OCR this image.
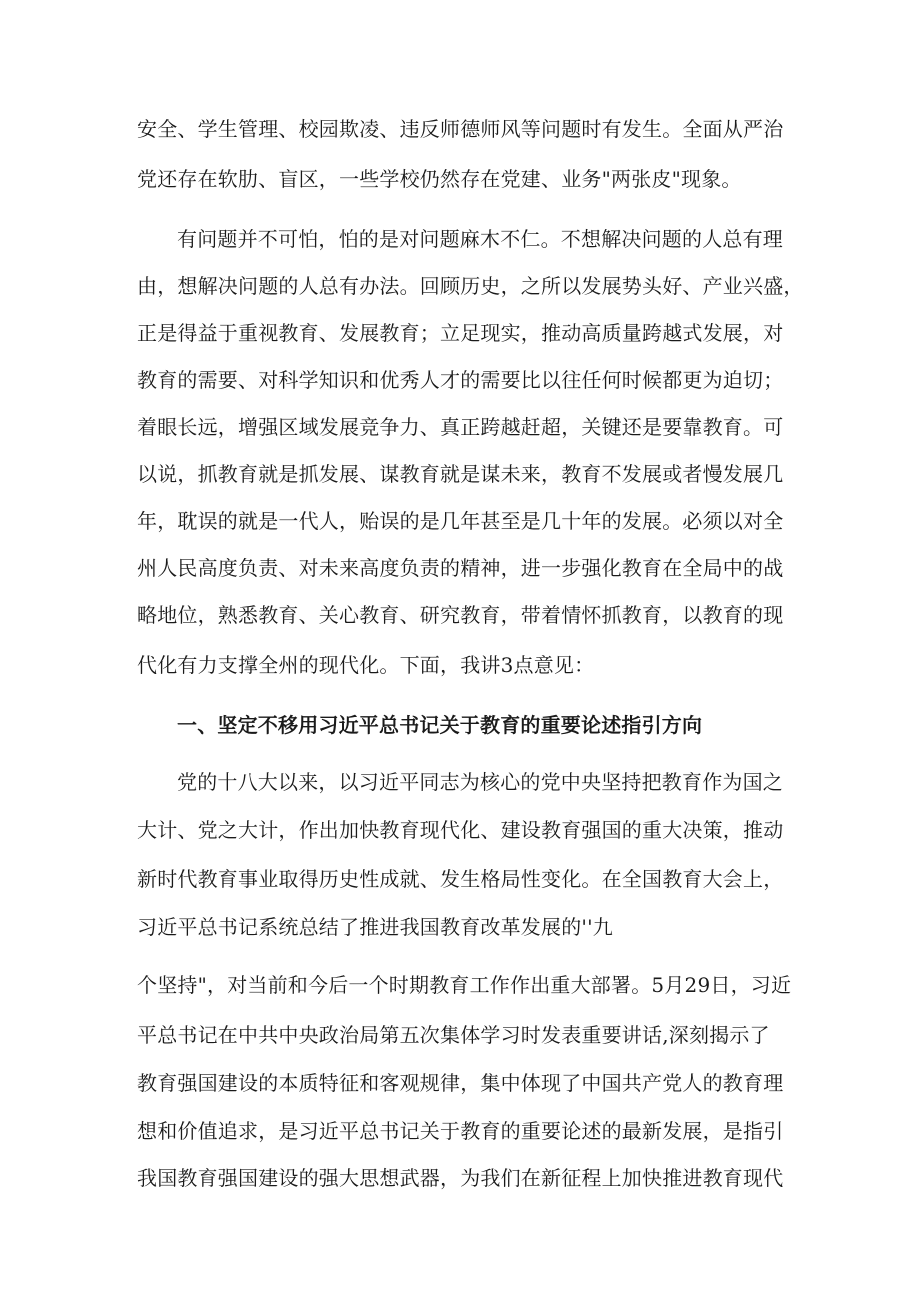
安全、学生管理、校园欺凌、违反师德师风等问题时有发生。全面从严治
党还存在软肋、盲区，一些学校仍然存在党建、业务"两张皮"现象。
有问题并不可怕，怕的是对问题麻木不仁。不想解决问题的人总有理
由，想解决问题的人总有办法。回顾历史，之所以发展势头好、产业兴盛，
正是得益于重视教育、发展教育；立足现实，推动高质量跨越式发展，对
教育的需要、对科学知识和优秀人才的需要比以往任何时候都更为迫切；
着眼长远，增强区域发展竞争力、真正跨越赶超，关键还是要靠教育。可
以说，抓教育就是抓发展、谋教育就是谋未来，教育不发展或者慢发展几
年，耽误的就是一代人，贻误的是几年甚至是几十年的发展。必须以对全
州人民高度负责、对未来高度负责的精神，进一步强化教育在全局中的战
略地位，熟悉教育、关心教育、研究教育，带着情怀抓教育，以教育的现
代化有力支撑全州的现代化。下面，我讲3点意见：
一、坚定不移用习近平总书记关于教育的重要论述指引方向
党的十八大以来，以习近平同志为核心的党中央坚持把教育作为国之
大计、党之大计，作出加快教育现代化、建设教育强国的重大决策，推动
新时代教育事业取得历史性成就、发生格局性变化。在全国教育大会上，
习近平总书记系统总结了推进我国教育改革发展的''九
个坚持"，对当前和今后一个时期教育工作作出重大部署。5月29日，习近
平总书记在中共中央政治局第五次集体学习时发表重要讲话,深刻揭示了
教育强国建设的本质特征和客观规律，集中体现了中国共产党人的教育理
想和价值追求，是习近平总书记关于教育的重要论述的最新发展，是指引
我国教育强国建设的强大思想武器，为我们在新征程上加快推进教育现代
